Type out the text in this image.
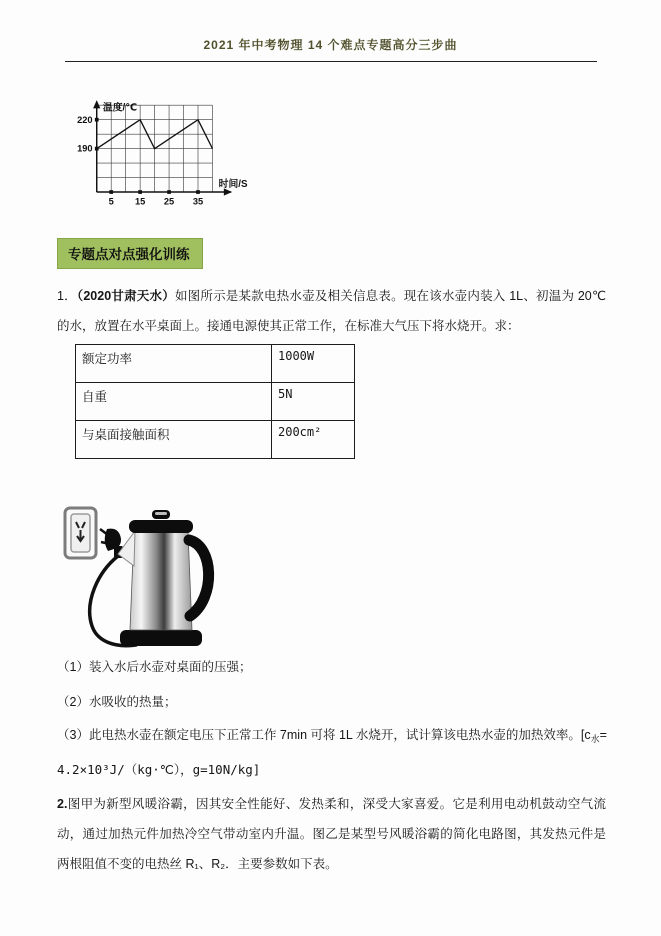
2021 年中考物理 14 个难点专题高分三步曲
温度/℃
时间/S
220
190
5 15 25 35
专题点对点强化训练
1．（2020甘肃天水）如图所示是某款电热水壶及相关信息表。现在该水壶内装入 1L、初温为 20℃的水，放置在水平桌面上。接通电源使其正常工作，在标准大气压下将水烧开。求：
额定功率	1000W
自重	5N
与桌面接触面积	200cm²
（1）装入水后水壶对桌面的压强；
（2）水吸收的热量；
（3）此电热水壶在额定电压下正常工作 7min 可将 1L 水烧开，试计算该电热水壶的加热效率。[$c_水=$
4.2×10³J/（kg·℃），g=10N/kg]
2.图甲为新型风暖浴霸，因其安全性能好、发热柔和，深受大家喜爱。它是利用电动机鼓动空气流动，通过加热元件加热冷空气带动室内升温。图乙是某型号风暖浴霸的简化电路图，其发热元件是两根阻值不变的电热丝 R₁、R₂．主要参数如下表。
